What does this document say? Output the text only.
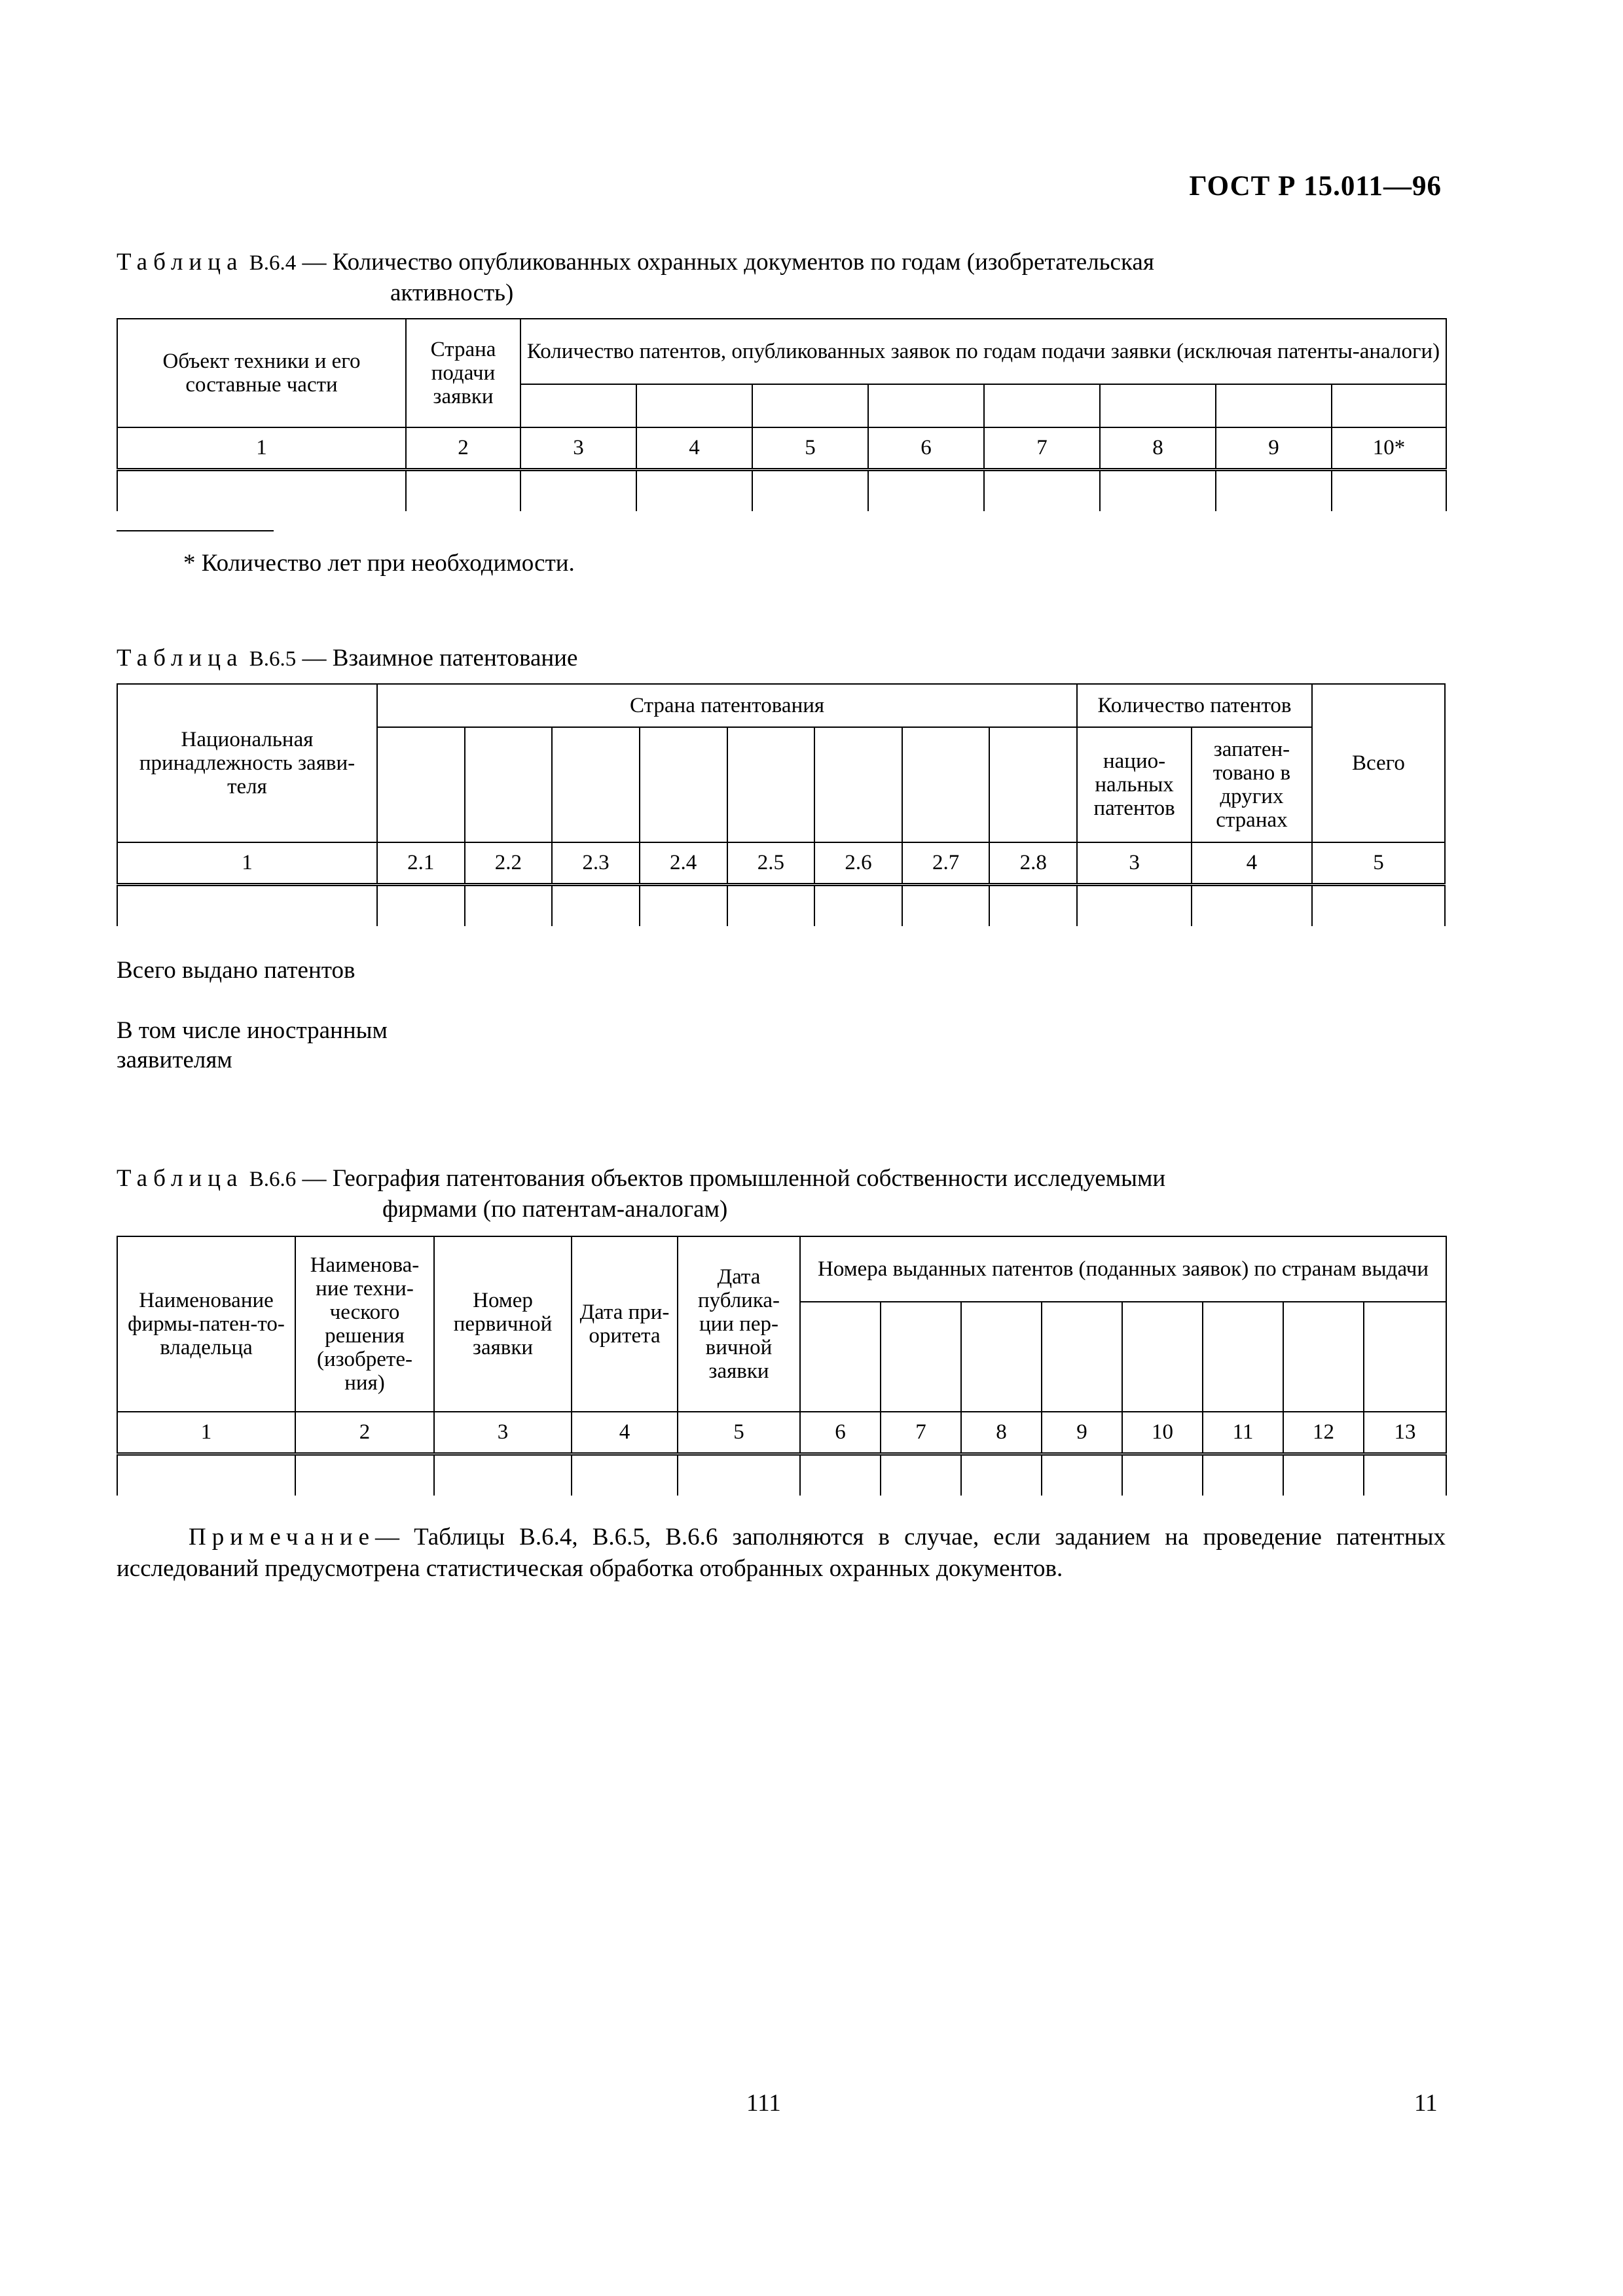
ГОСТ Р 15.011—96
Таблица В.6.4 — Количество опубликованных охранных документов по годам (изобретательская
активность)
Объект техники и его составные части	Страна подачи заявки	Количество патентов, опубликованных заявок по годам подачи заявки (исключая патенты-аналоги)							

1	2	3	4	5	6	7	8	9	10*

* Количество лет при необходимости.
Таблица В.6.5 — Взаимное патентование
Национальная принадлежность заяви-теля	Страна патентования								Количество патентов		Всего
									нацио-нальных патентов	запатен-товано в других странах	
1	2.1	2.2	2.3	2.4	2.5	2.6	2.7	2.8	3	4	5

Всего выдано патентов
В том числе иностранным
заявителям
Таблица В.6.6 — География патентования объектов промышленной собственности исследуемыми
фирмами (по патентам-аналогам)
Наименование фирмы-патен-то-владельца	Наименова-ние техни-ческого решения (изобрете-ния)	Номер первичной заявки	Дата при-оритета	Дата публика-ции пер-вичной заявки	Номера выданных патентов (поданных заявок) по странам выдачи							

1	2	3	4	5	6	7	8	9	10	11	12	13

Примечание— Таблицы В.6.4, В.6.5, В.6.6 заполняются в случае, если заданием на проведение патентных исследований предусмотрена статистическая обработка отобранных охранных документов.
111	11
